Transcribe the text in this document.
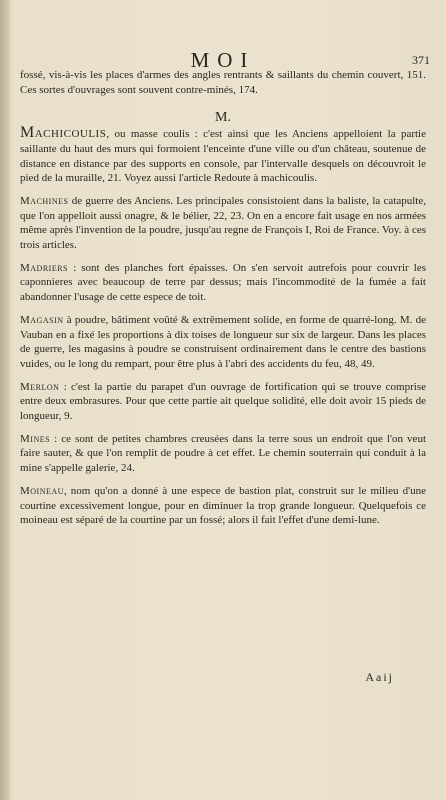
MOI	371

fossé, vis-à-vis les places d'armes des angles rentrants & saillants du chemin couvert, 151. Ces sortes d'ouvrages sont souvent contre-minés, 174.

M.

Machicoulis, ou masse coulis : c'est ainsi que les Anciens appelloient la partie saillante du haut des murs qui formoient l'enceinte d'une ville ou d'un château, soutenue de distance en distance par des supports en console, par l'intervalle desquels on découvroit le pied de la muraille, 21. Voyez aussi l'article Redoute à machicoulis.

Machines de guerre des Anciens. Les principales consistoient dans la baliste, la catapulte, que l'on appelloit aussi onagre, & le bélier, 22, 23. On en a encore fait usage en nos armées même après l'invention de la poudre, jusqu'au regne de François I, Roi de France. Voy. à ces trois articles.

Madriers : sont des planches fort épaisses. On s'en servoit autrefois pour couvrir les caponnieres avec beaucoup de terre par dessus; mais l'incommodité de la fumée a fait abandonner l'usage de cette espece de toit.

Magasin à poudre, bâtiment voûté & extrêmement solide, en forme de quarré-long. M. de Vauban en a fixé les proportions à dix toises de longueur sur six de largeur. Dans les places de guerre, les magasins à poudre se construisent ordinairement dans le centre des bastions vuides, ou le long du rempart, pour être plus à l'abri des accidents du feu, 48, 49.

Merlon : c'est la partie du parapet d'un ouvrage de fortification qui se trouve comprise entre deux embrasures. Pour que cette partie ait quelque solidité, elle doit avoir 15 pieds de longueur, 9.

Mines : ce sont de petites chambres creusées dans la terre sous un endroit que l'on veut faire sauter, & que l'on remplit de poudre à cet effet. Le chemin souterrain qui conduit à la mine s'appelle galerie, 24.

Moineau, nom qu'on a donné à une espece de bastion plat, construit sur le milieu d'une courtine excessivement longue, pour en diminuer la trop grande longueur. Quelquefois ce moineau est séparé de la courtine par un fossé; alors il fait l'effet d'une demi-lune.

Aaij
